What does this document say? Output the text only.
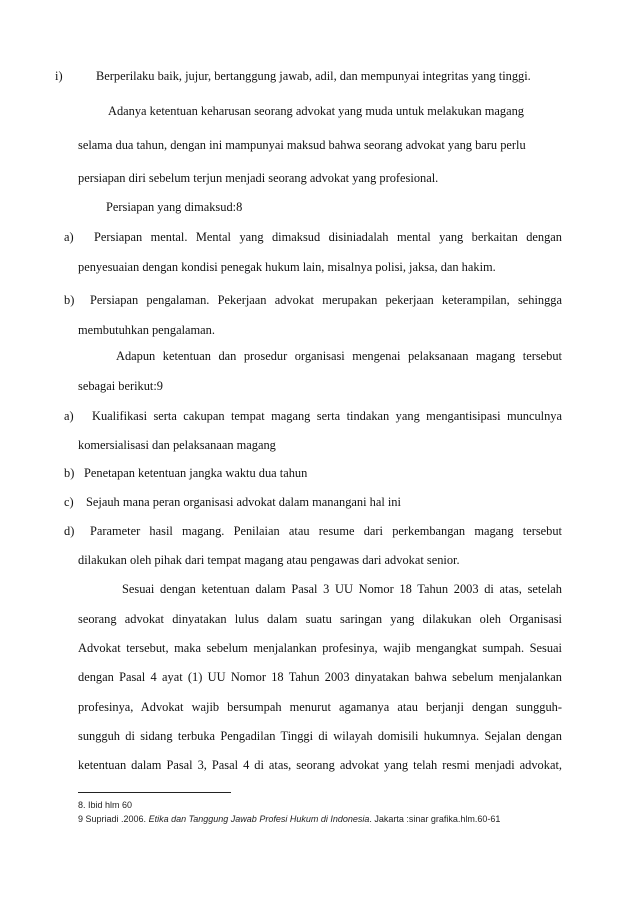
i)	Berperilaku baik, jujur, bertanggung jawab, adil, dan mempunyai integritas yang tinggi.
Adanya ketentuan keharusan seorang advokat yang muda untuk melakukan magang
selama dua tahun, dengan ini mampunyai maksud bahwa seorang advokat yang baru perlu
persiapan diri sebelum terjun menjadi seorang advokat yang profesional.
Persiapan yang dimaksud:8
a) Persiapan mental. Mental yang dimaksud disiniadalah mental yang berkaitan dengan
penyesuaian dengan kondisi penegak hukum lain, misalnya polisi, jaksa, dan hakim.
b) Persiapan pengalaman. Pekerjaan advokat merupakan pekerjaan keterampilan, sehingga
membutuhkan pengalaman.
Adapun ketentuan dan prosedur organisasi mengenai pelaksanaan magang tersebut
sebagai berikut:9
a) Kualifikasi serta cakupan tempat magang serta tindakan yang mengantisipasi munculnya
komersialisasi dan pelaksanaan magang
b) Penetapan ketentuan jangka waktu dua tahun
c) Sejauh mana peran organisasi advokat dalam manangani hal ini
d) Parameter hasil magang. Penilaian atau resume dari perkembangan magang tersebut
dilakukan oleh pihak dari tempat magang atau pengawas dari advokat senior.
Sesuai dengan ketentuan dalam Pasal 3 UU Nomor 18 Tahun 2003 di atas, setelah
seorang advokat dinyatakan lulus dalam suatu saringan yang dilakukan oleh Organisasi
Advokat tersebut, maka sebelum menjalankan profesinya, wajib mengangkat sumpah. Sesuai
dengan Pasal 4 ayat (1) UU Nomor 18 Tahun 2003 dinyatakan bahwa sebelum menjalankan
profesinya, Advokat wajib bersumpah menurut agamanya atau berjanji dengan sungguh-
sungguh di sidang terbuka Pengadilan Tinggi di wilayah domisili hukumnya. Sejalan dengan
ketentuan dalam Pasal 3, Pasal 4 di atas, seorang advokat yang telah resmi menjadi advokat,
8. Ibid hlm 60
9 Supriadi .2006. Etika dan Tanggung Jawab Profesi Hukum di Indonesia. Jakarta :sinar grafika.hlm.60-61
